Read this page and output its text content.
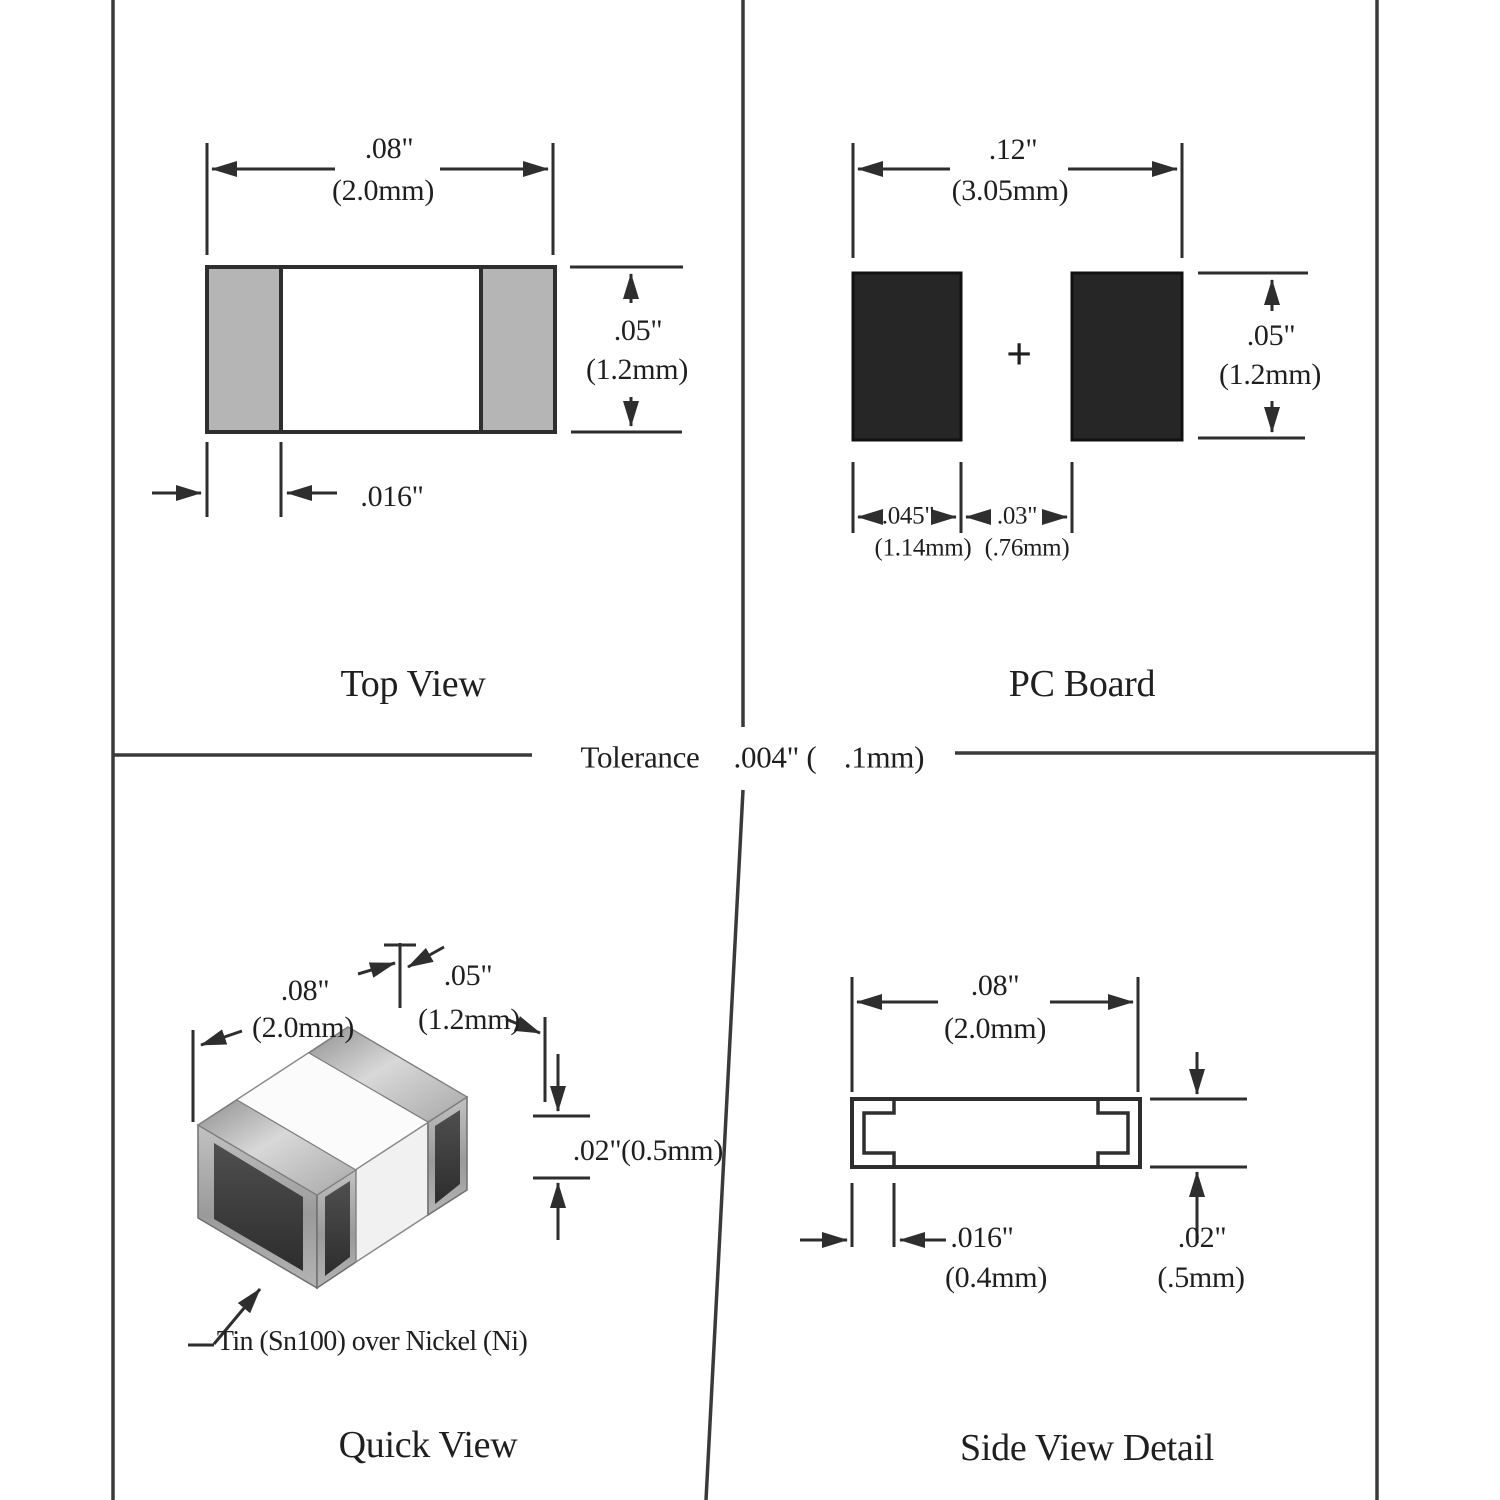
.08"
(2.0mm)
.05"
(1.2mm)
.016"
Top View
.12"
(3.05mm)
+	.05"
(1.2mm)
.045"	.03"
(1.14mm) (.76mm)
PC Board
Tolerance .004" ( .1mm)
.08"
(2.0mm)
.05"
(1.2mm)
.02" (0.5mm)
Tin (Sn100) over Nickel (Ni)
Quick View
.08"
(2.0mm)
.016"
(0.4mm)
.02"
(.5mm)
Side View Detail
